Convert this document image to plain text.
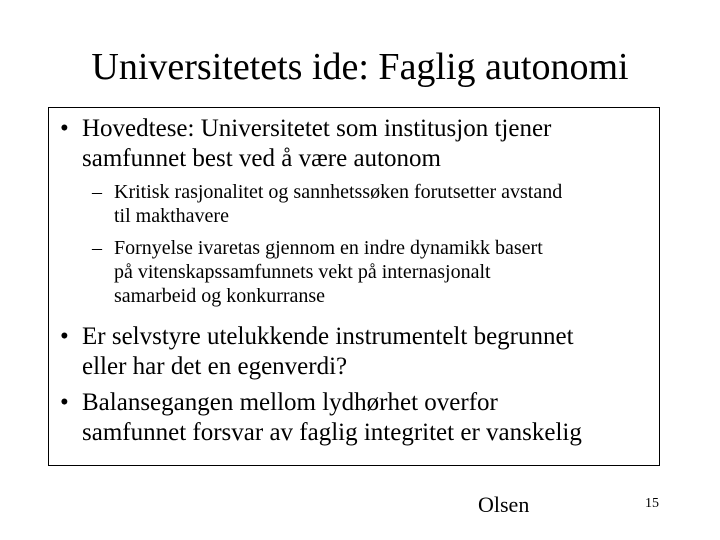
Universitetets ide: Faglig autonomi
• Hovedtese: Universitetet som institusjon tjener
samfunnet best ved å være autonom
– Kritisk rasjonalitet og sannhetssøken forutsetter avstand
til makthavere
– Fornyelse ivaretas gjennom en indre dynamikk basert
på vitenskapssamfunnets vekt på internasjonalt
samarbeid og konkurranse
• Er selvstyre utelukkende instrumentelt begrunnet
eller har det en egenverdi?
• Balansegangen mellom lydhørhet overfor
samfunnet forsvar av faglig integritet er vanskelig
Olsen	15
